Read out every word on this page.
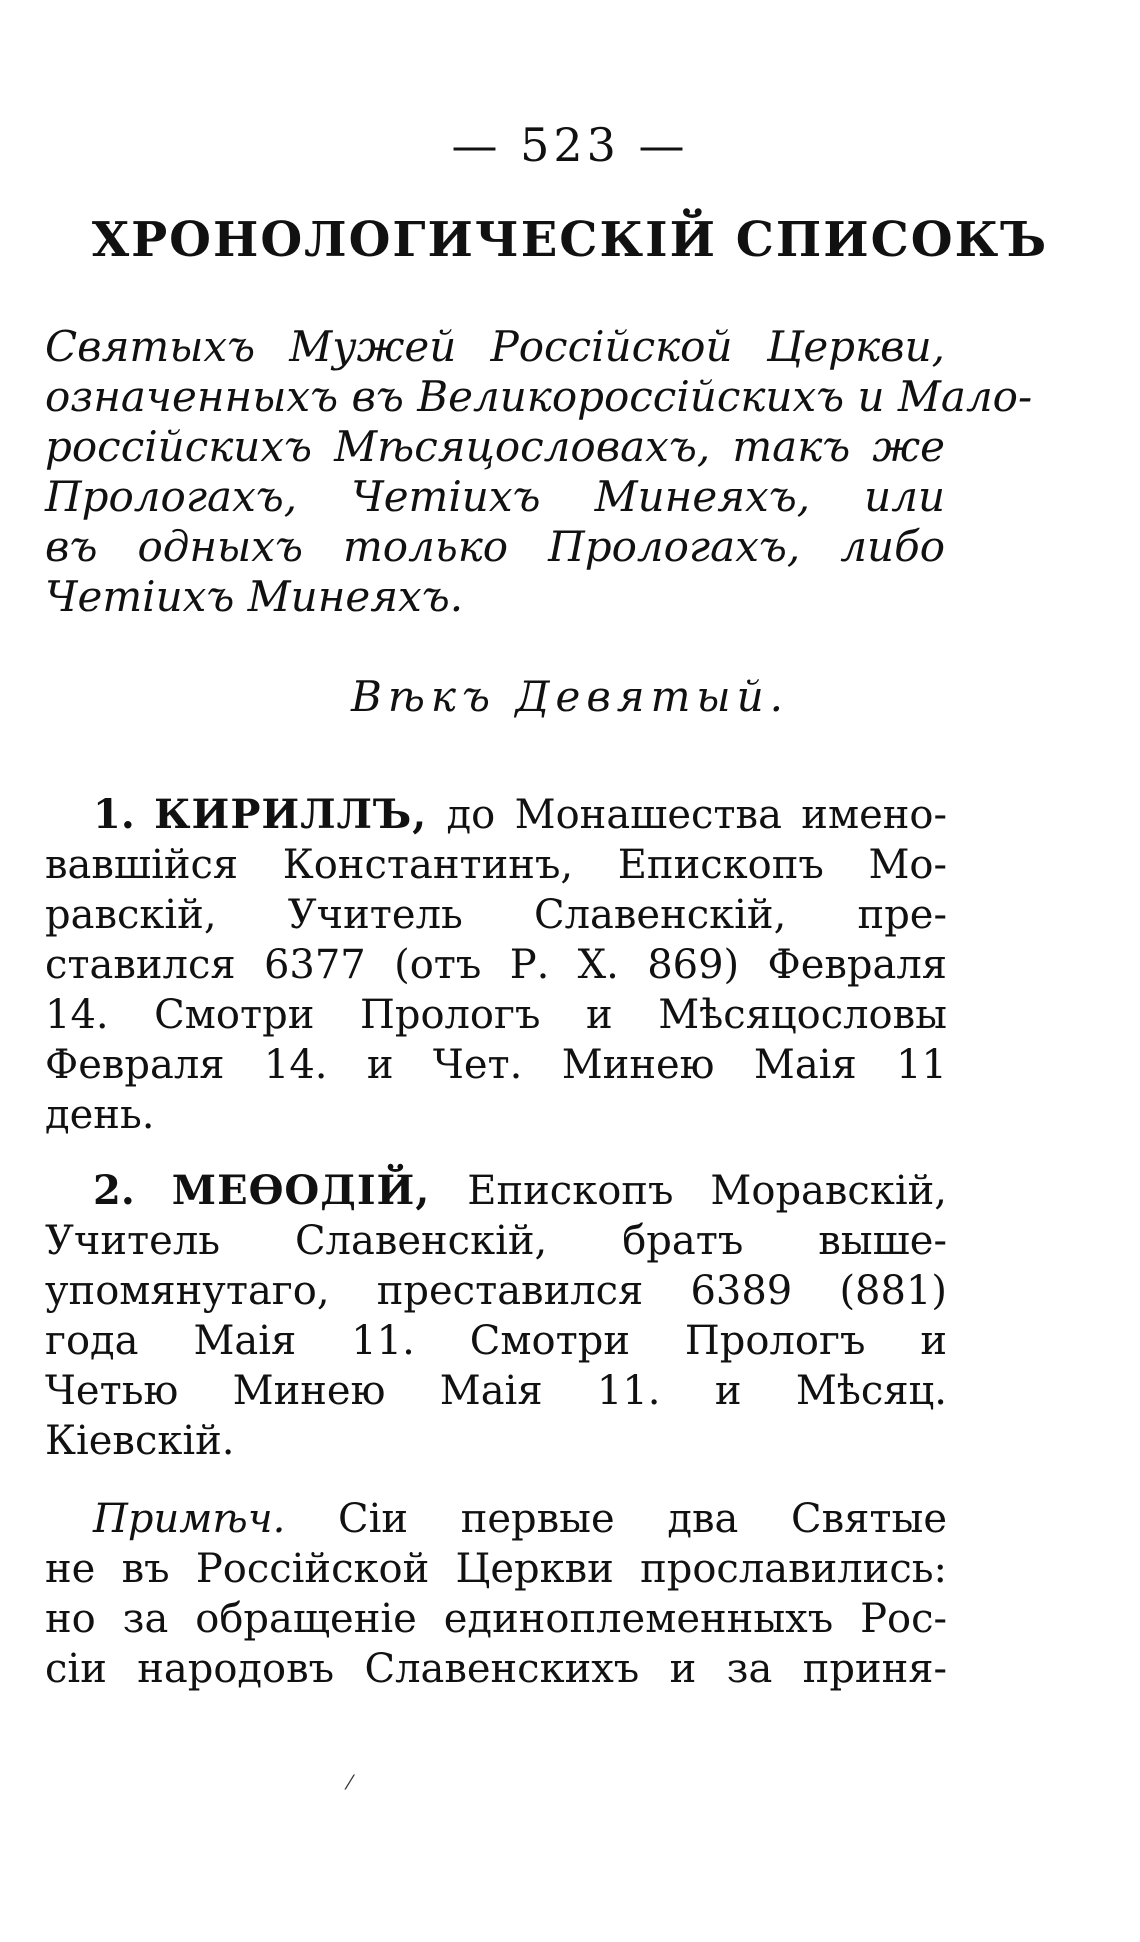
— 523 —
ХРОНОЛОГИЧЕСКІЙ СПИСОКЪ
Святыхъ Мужей Россійской Церкви,
означенныхъ въ Великороссійскихъ и Мало-
россійскихъ Мѣсяцословахъ, такъ же
Прологахъ, Четіихъ Минеяхъ, или
въ одныхъ только Прологахъ, либо
Четіихъ Минеяхъ.
Вѣкъ Девятый.
1. КИРИЛЛЪ, до Монашества имено-
вавшійся Константинъ, Епископъ Мо-
равскій, Учитель Славенскій, пре-
ставился 6377 (отъ Р. Х. 869) Февраля
14. Смотри Прологъ и Мѣсяцословы
Февраля 14. и Чет. Минею Маія 11
день.
2. МЕѲОДІЙ, Епископъ Моравскій,
Учитель Славенскій, братъ выше-
упомянутаго, преставился 6389 (881)
года Маія 11. Смотри Прологъ и
Четью Минею Маія 11. и Мѣсяц.
Кіевскій.
Примѣч. Сіи первые два Святые
не въ Россійской Церкви прославились:
но за обращеніе единоплеменныхъ Рос-
сіи народовъ Славенскихъ и за приня-
⁄
